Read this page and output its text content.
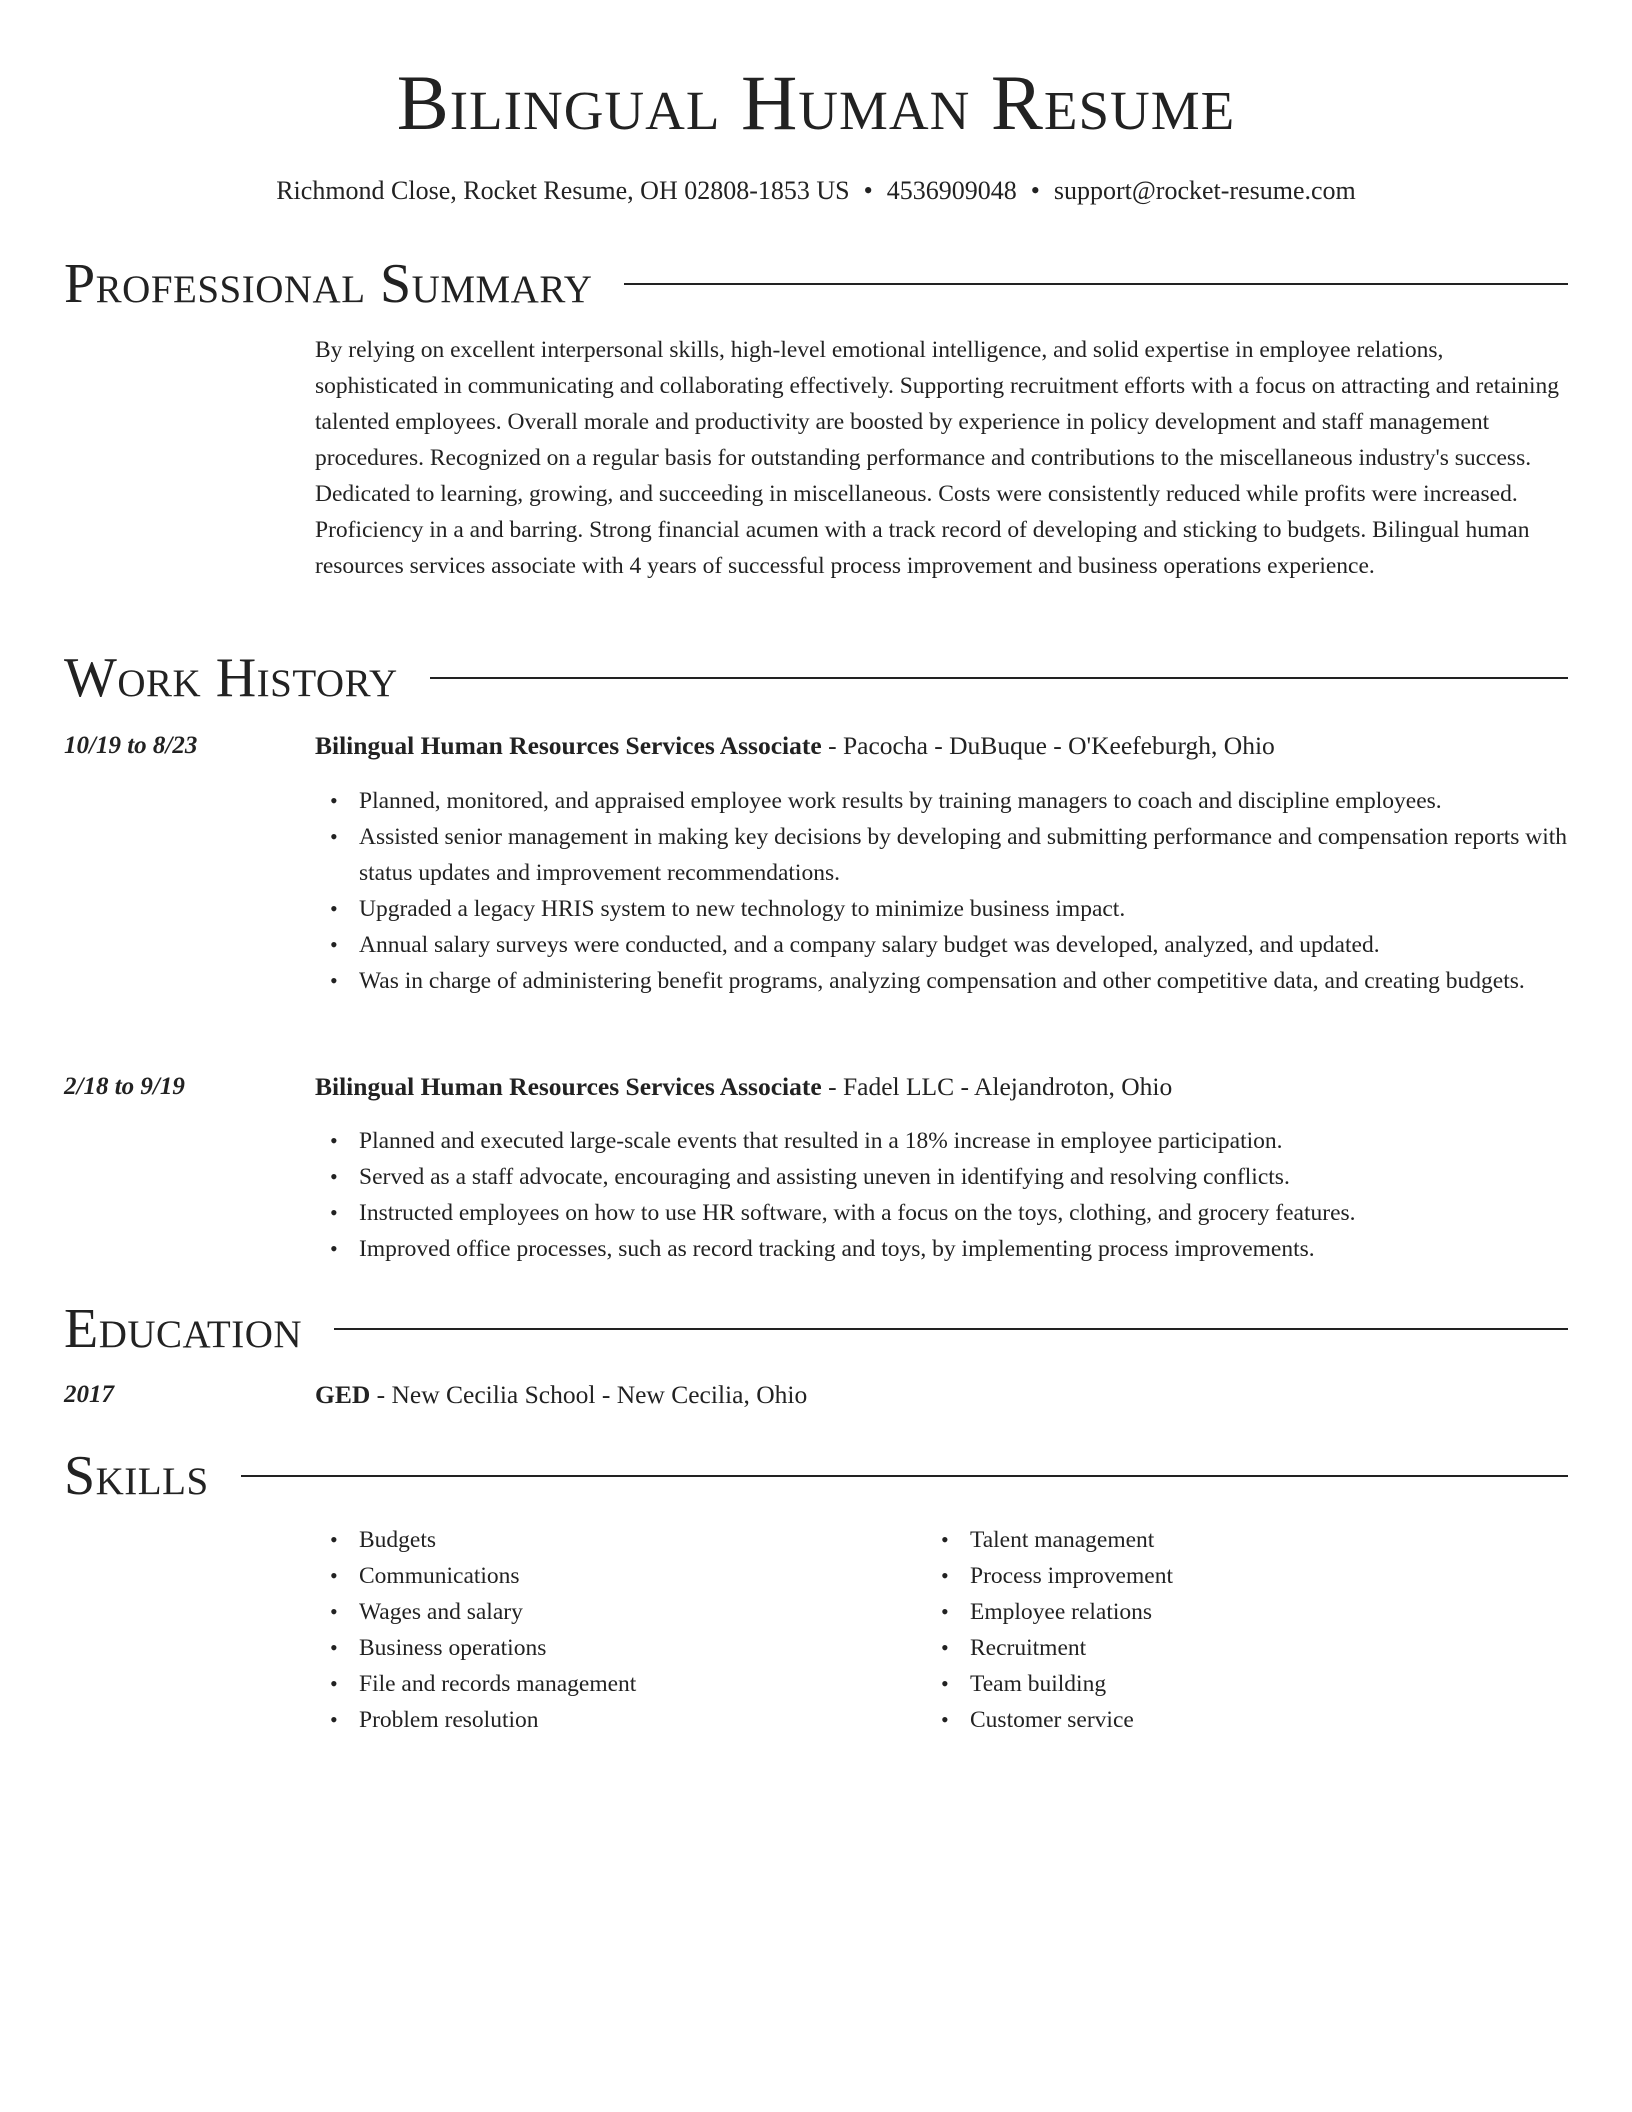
Bilingual Human Resume
Richmond Close, Rocket Resume, OH 02808-1853 US • 4536909048 • support@rocket-resume.com
Professional Summary
By relying on excellent interpersonal skills, high-level emotional intelligence, and solid expertise in employee relations, sophisticated in communicating and collaborating effectively. Supporting recruitment efforts with a focus on attracting and retaining talented employees. Overall morale and productivity are boosted by experience in policy development and staff management procedures. Recognized on a regular basis for outstanding performance and contributions to the miscellaneous industry's success. Dedicated to learning, growing, and succeeding in miscellaneous. Costs were consistently reduced while profits were increased. Proficiency in a and barring. Strong financial acumen with a track record of developing and sticking to budgets. Bilingual human resources services associate with 4 years of successful process improvement and business operations experience.
Work History
10/19 to 8/23	Bilingual Human Resources Services Associate - Pacocha - DuBuque - O'Keefeburgh, Ohio
• Planned, monitored, and appraised employee work results by training managers to coach and discipline employees.
• Assisted senior management in making key decisions by developing and submitting performance and compensation reports with status updates and improvement recommendations.
• Upgraded a legacy HRIS system to new technology to minimize business impact.
• Annual salary surveys were conducted, and a company salary budget was developed, analyzed, and updated.
• Was in charge of administering benefit programs, analyzing compensation and other competitive data, and creating budgets.
2/18 to 9/19	Bilingual Human Resources Services Associate - Fadel LLC - Alejandroton, Ohio
• Planned and executed large-scale events that resulted in a 18% increase in employee participation.
• Served as a staff advocate, encouraging and assisting uneven in identifying and resolving conflicts.
• Instructed employees on how to use HR software, with a focus on the toys, clothing, and grocery features.
• Improved office processes, such as record tracking and toys, by implementing process improvements.
Education
2017	GED - New Cecilia School - New Cecilia, Ohio
Skills
• Budgets
• Communications
• Wages and salary
• Business operations
• File and records management
• Problem resolution
• Talent management
• Process improvement
• Employee relations
• Recruitment
• Team building
• Customer service
